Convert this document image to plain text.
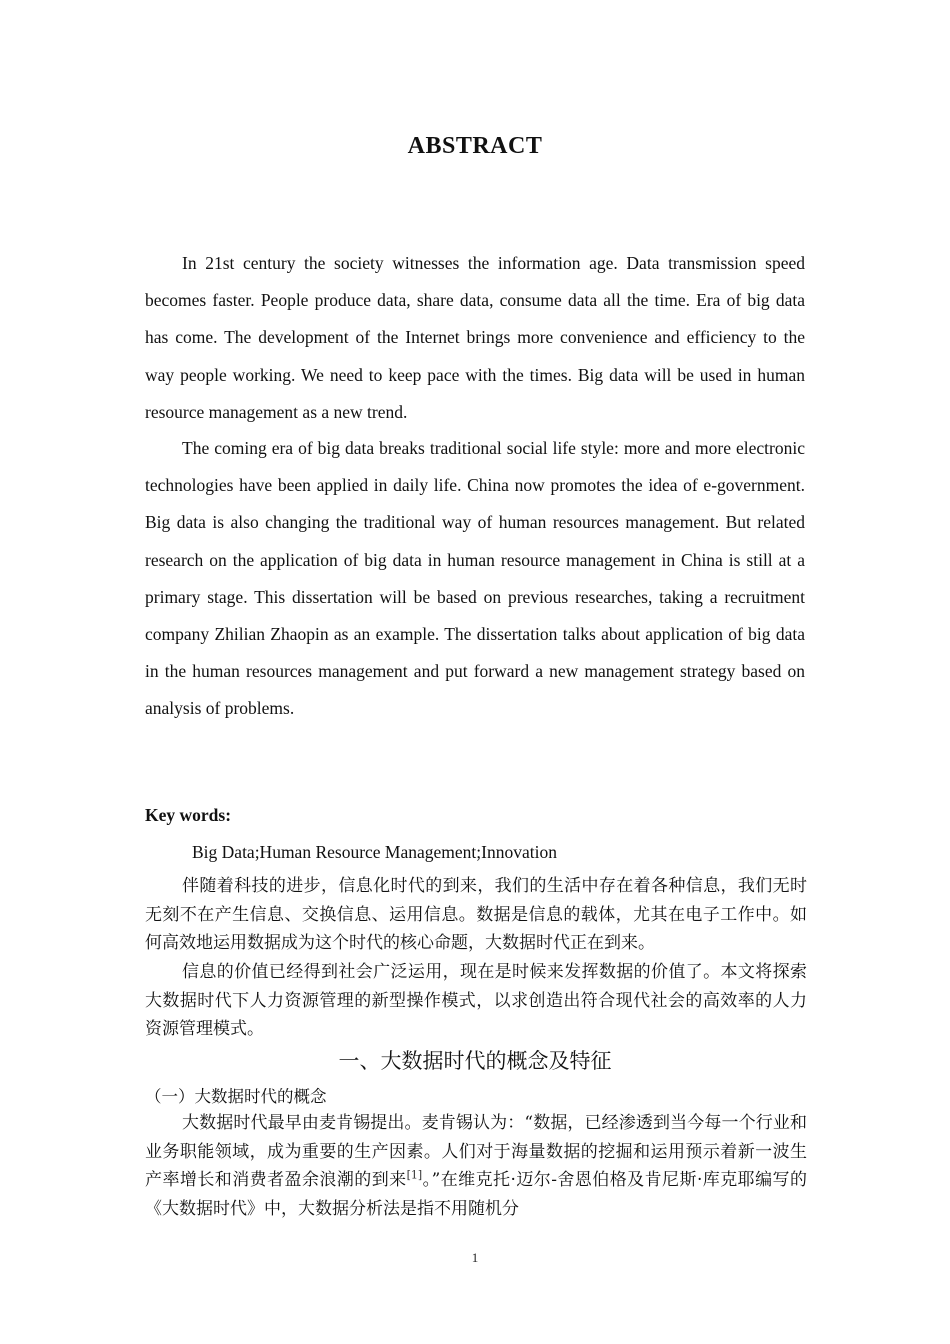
ABSTRACT

In 21st century the society witnesses the information age. Data transmission speed becomes faster. People produce data, share data, consume data all the time. Era of big data has come. The development of the Internet brings more convenience and efficiency to the way people working. We need to keep pace with the times. Big data will be used in human resource management as a new trend.

The coming era of big data breaks traditional social life style: more and more electronic technologies have been applied in daily life. China now promotes the idea of e-government. Big data is also changing the traditional way of human resources management. But related research on the application of big data in human resource management in China is still at a primary stage. This dissertation will be based on previous researches, taking a recruitment company Zhilian Zhaopin as an example. The dissertation talks about application of big data in the human resources management and put forward a new management strategy based on analysis of problems.

Key words:
Big Data;Human Resource Management;Innovation

伴随着科技的进步，信息化时代的到来，我们的生活中存在着各种信息，我们无时无刻不在产生信息、交换信息、运用信息。数据是信息的载体，尤其在电子工作中。如何高效地运用数据成为这个时代的核心命题，大数据时代正在到来。

信息的价值已经得到社会广泛运用，现在是时候来发挥数据的价值了。本文将探索大数据时代下人力资源管理的新型操作模式，以求创造出符合现代社会的高效率的人力资源管理模式。

一、大数据时代的概念及特征
（一）大数据时代的概念

大数据时代最早由麦肯锡提出。麦肯锡认为：“数据，已经渗透到当今每一个行业和业务职能领域，成为重要的生产因素。人们对于海量数据的挖掘和运用预示着新一波生产率增长和消费者盈余浪潮的到来[1]。”在维克托·迈尔-舍恩伯格及肯尼斯·库克耶编写的《大数据时代》中，大数据分析法是指不用随机分

1
